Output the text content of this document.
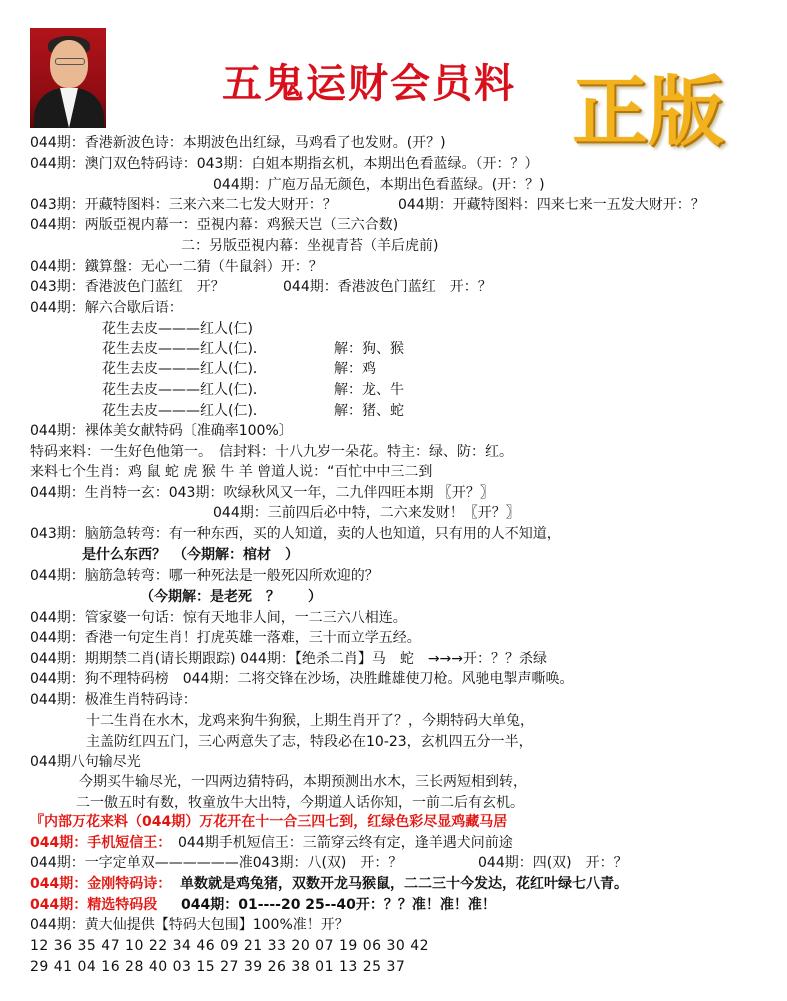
五鬼运财会员料 正版
044期：香港新波色诗：本期波色出红绿，马鸡看了也发财。(开？)
044期：澳门双色特码诗：043期：白姐本期指玄机，本期出色看蓝绿。（开：？）
044期：广庖万品无颜色，本期出色看蓝绿。(开：？)
043期：开藏特图料：三来六来二七发大财开：？	044期：开藏特图料：四来七来一五发大财开：？
044期：两版亞視内幕一：亞視内幕：鸡猴天岂（三六合数)
二：另版亞視内幕：坐视青苔（羊后虎前)
044期：鐵算盤：无心一二猜（牛鼠斜）开：？
043期：香港波色门蓝红　开？	044期：香港波色门蓝红　开：？
044期：解六合歇后语：
花生去皮———红人(仁)
花生去皮———红人(仁)．	解：狗、猴
花生去皮———红人(仁)．	解：鸡
花生去皮———红人(仁)．	解：龙、牛
花生去皮———红人(仁)．	解：猪、蛇
044期：裸体美女献特码〔准确率100%〕
特码来料：一生好色他第一。　信封料：十八九岁一朵花。特主：绿、防：红。
来料七个生肖：鸡 鼠 蛇 虎 猴 牛 羊 曾道人说：“百忙中中三二到
044期：生肖特一玄：043期：吹绿秋风又一年，二九伴四旺本期 〖开？〗
044期：三前四后必中特，二六来发财！〖开？〗
043期：脑筋急转弯：有一种东西，买的人知道，卖的人也知道，只有用的人不知道，
是什么东西？　（今期解：棺材　）
044期：脑筋急转弯：哪一种死法是一般死囚所欢迎的？
（今期解：是老死　？　　）
044期：管家婆一句话：惊有天地非人间，一二三六八相连。
044期：香港一句定生肖！打虎英雄一落难，三十而立学五经。
044期：期期禁二肖(请长期跟踪) 044期：【绝杀二肖】马　蛇　→→→开：？？杀绿
044期：狗不理特码榜　044期：二将交锋在沙场，决胜雌雄使刀枪。风驰电掣声嘶唤。
044期：极准生肖特码诗：
十二生肖在水木，龙鸡来狗牛狗猴，上期生肖开了？，今期特码大单兔，
主盖防红四五门，三心两意失了志，特段必在10-23，玄机四五分一半，
044期八句输尽光
今期买牛输尽光，一四两边猜特码，本期预测出水木，三长两短相到转，
二一傲五时有数，牧童放牛大出特，今期道人话你知，一前二后有玄机。
『内部万花来料（044期）万花开在十一合三四七到，红绿色彩尽显鸡藏马居
044期：手机短信王： 044期手机短信王：三箭穿云终有定，逢羊遇犬问前途
044期：一字定单双——————准043期：八(双)　开：？	044期：四(双)　开：？
044期：金刚特码诗： 单数就是鸡兔猪，双数开龙马猴鼠，二二三十今发达，花红叶绿七八青。
044期：精选特码段 044期：01----20 25--40开：？？准！准！准！
044期：黄大仙提供【特码大包围】100%准！开？
12 36 35 47 10 22 34 46 09 21 33 20 07 19 06 30 42
29 41 04 16 28 40 03 15 27 39 26 38 01 13 25 37
